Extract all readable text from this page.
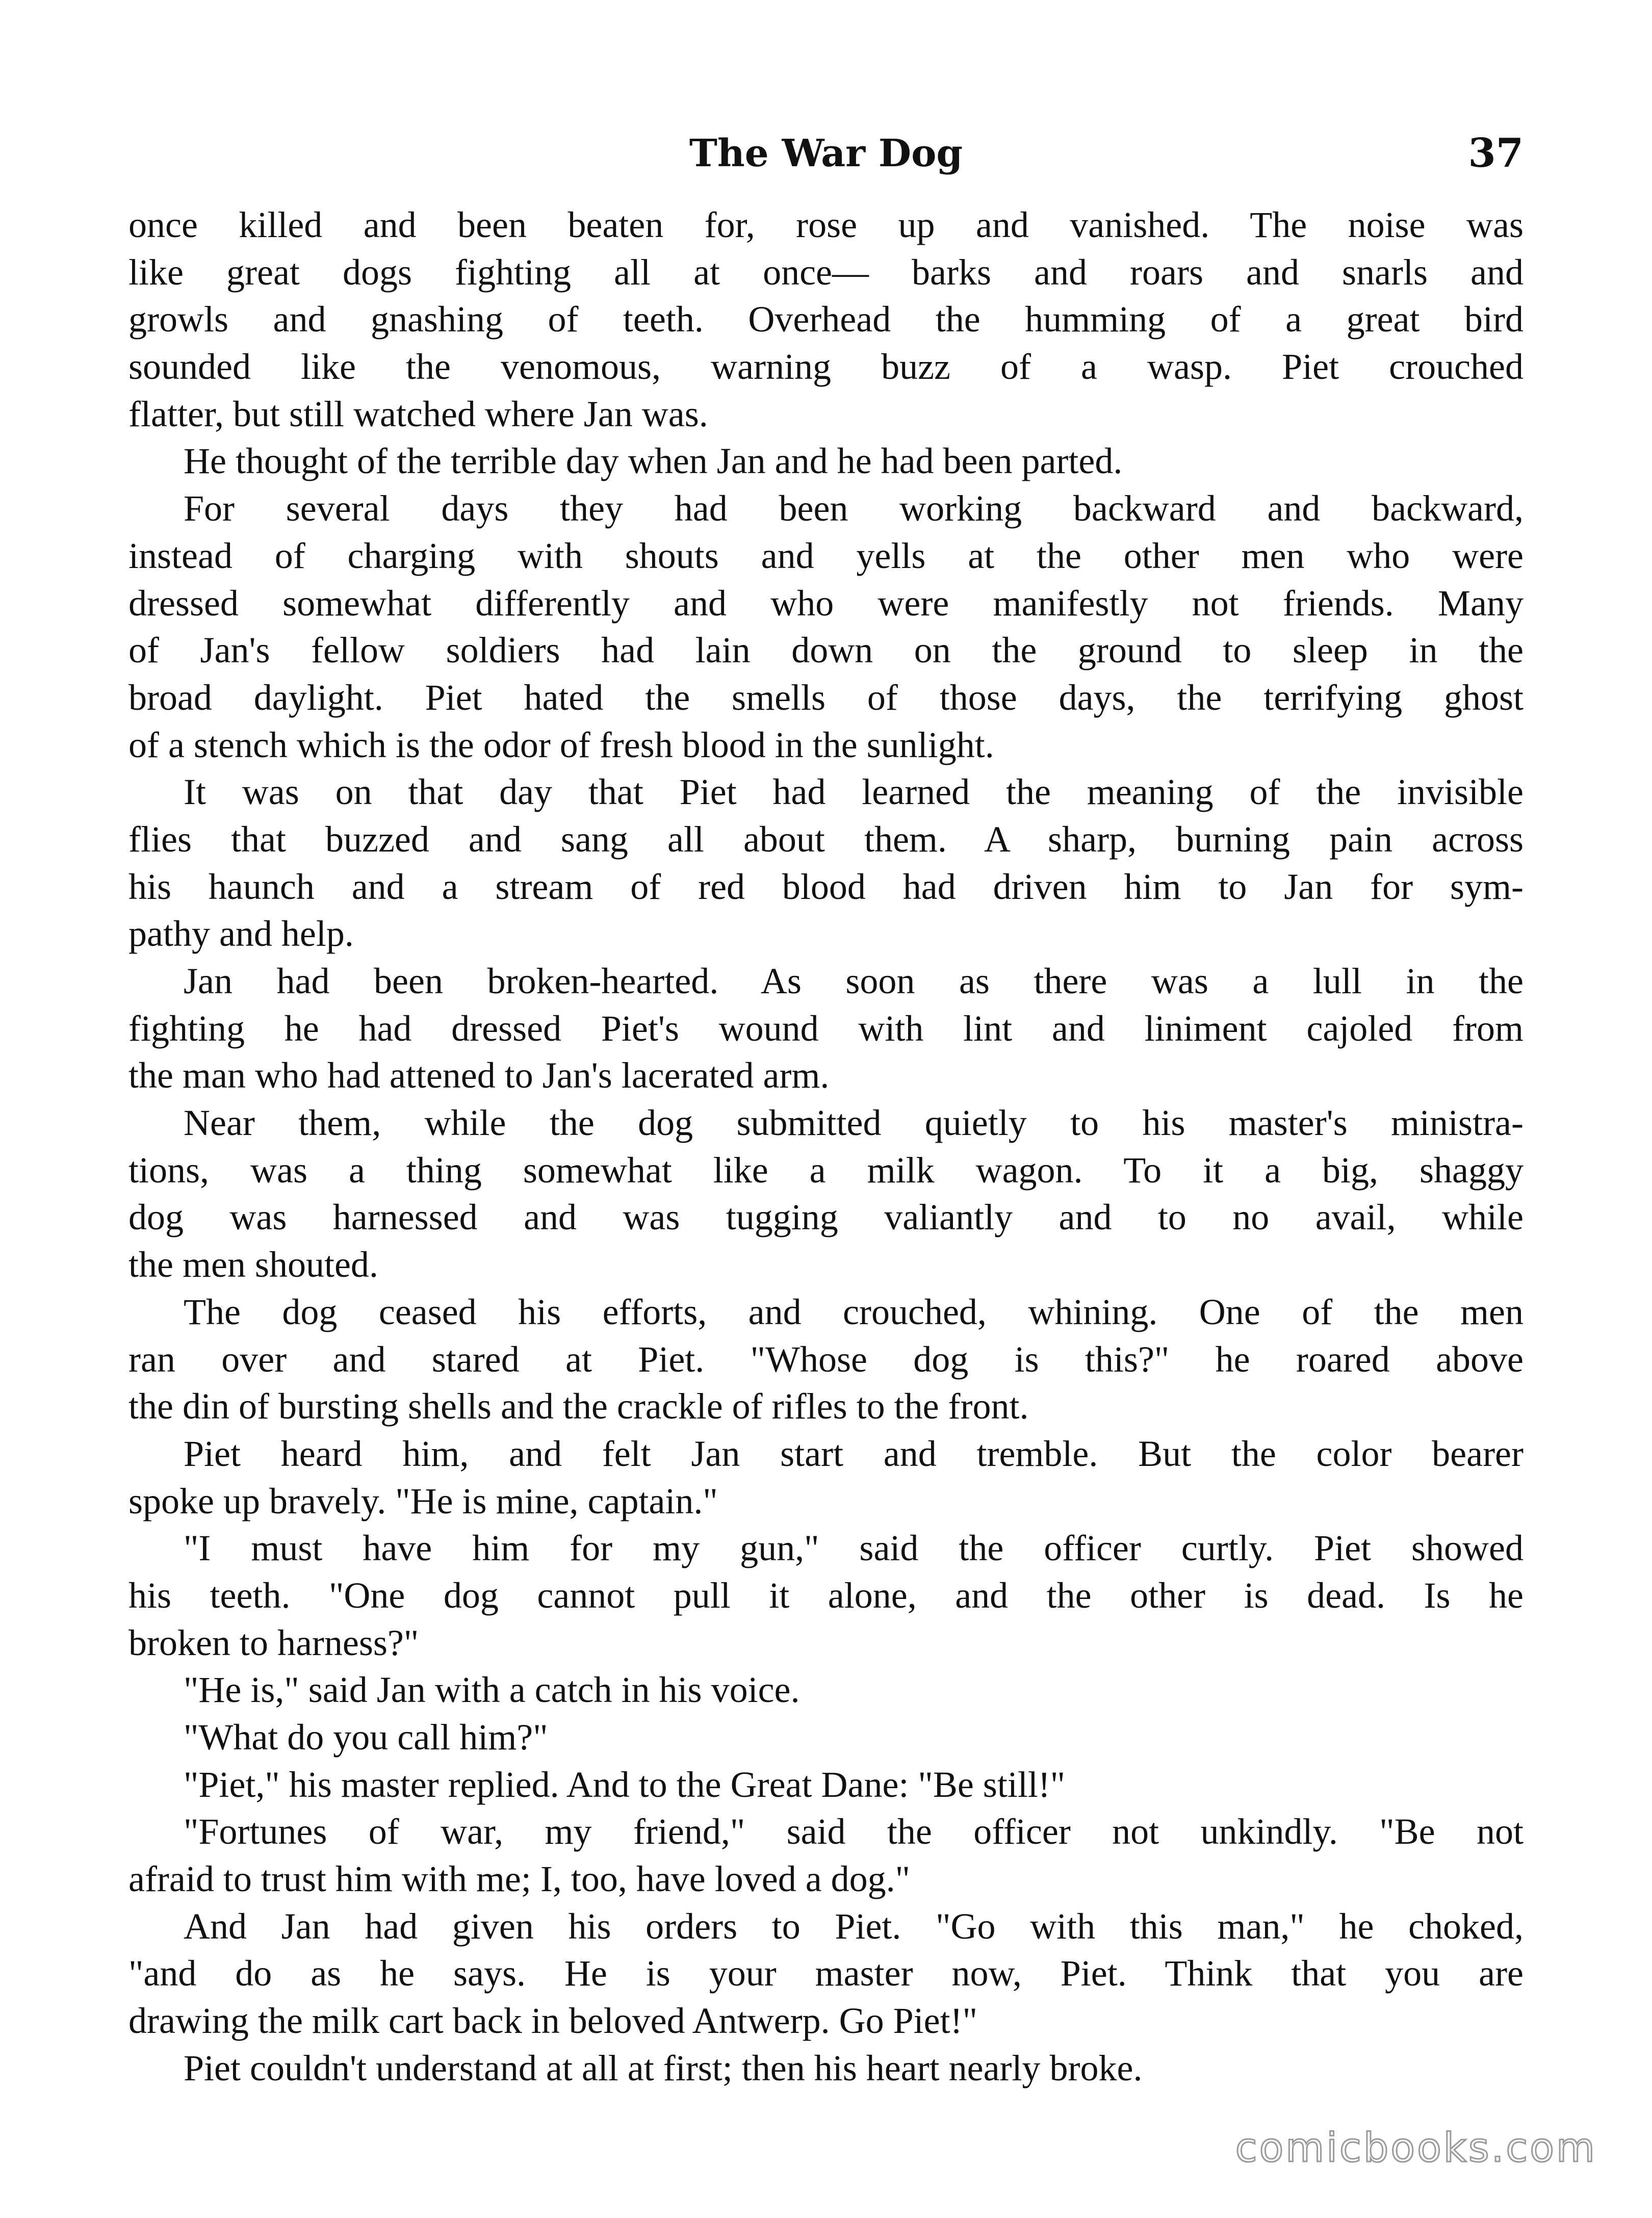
The War Dog	37
once killed and been beaten for, rose up and vanished. The noise was
like great dogs fighting all at once— barks and roars and snarls and
growls and gnashing of teeth. Overhead the humming of a great bird
sounded like the venomous, warning buzz of a wasp. Piet crouched
flatter, but still watched where Jan was.
He thought of the terrible day when Jan and he had been parted.
For several days they had been working backward and backward,
instead of charging with shouts and yells at the other men who were
dressed somewhat differently and who were manifestly not friends. Many
of Jan's fellow soldiers had lain down on the ground to sleep in the
broad daylight. Piet hated the smells of those days, the terrifying ghost
of a stench which is the odor of fresh blood in the sunlight.
It was on that day that Piet had learned the meaning of the invisible
flies that buzzed and sang all about them. A sharp, burning pain across
his haunch and a stream of red blood had driven him to Jan for sym-
pathy and help.
Jan had been broken-hearted. As soon as there was a lull in the
fighting he had dressed Piet's wound with lint and liniment cajoled from
the man who had attened to Jan's lacerated arm.
Near them, while the dog submitted quietly to his master's ministra-
tions, was a thing somewhat like a milk wagon. To it a big, shaggy
dog was harnessed and was tugging valiantly and to no avail, while
the men shouted.
The dog ceased his efforts, and crouched, whining. One of the men
ran over and stared at Piet. "Whose dog is this?" he roared above
the din of bursting shells and the crackle of rifles to the front.
Piet heard him, and felt Jan start and tremble. But the color bearer
spoke up bravely. "He is mine, captain."
"I must have him for my gun," said the officer curtly. Piet showed
his teeth. "One dog cannot pull it alone, and the other is dead. Is he
broken to harness?"
"He is," said Jan with a catch in his voice.
"What do you call him?"
"Piet," his master replied. And to the Great Dane: "Be still!"
"Fortunes of war, my friend," said the officer not unkindly. "Be not
afraid to trust him with me; I, too, have loved a dog."
And Jan had given his orders to Piet. "Go with this man," he choked,
"and do as he says. He is your master now, Piet. Think that you are
drawing the milk cart back in beloved Antwerp. Go Piet!"
Piet couldn't understand at all at first; then his heart nearly broke.
comicbooks.com
